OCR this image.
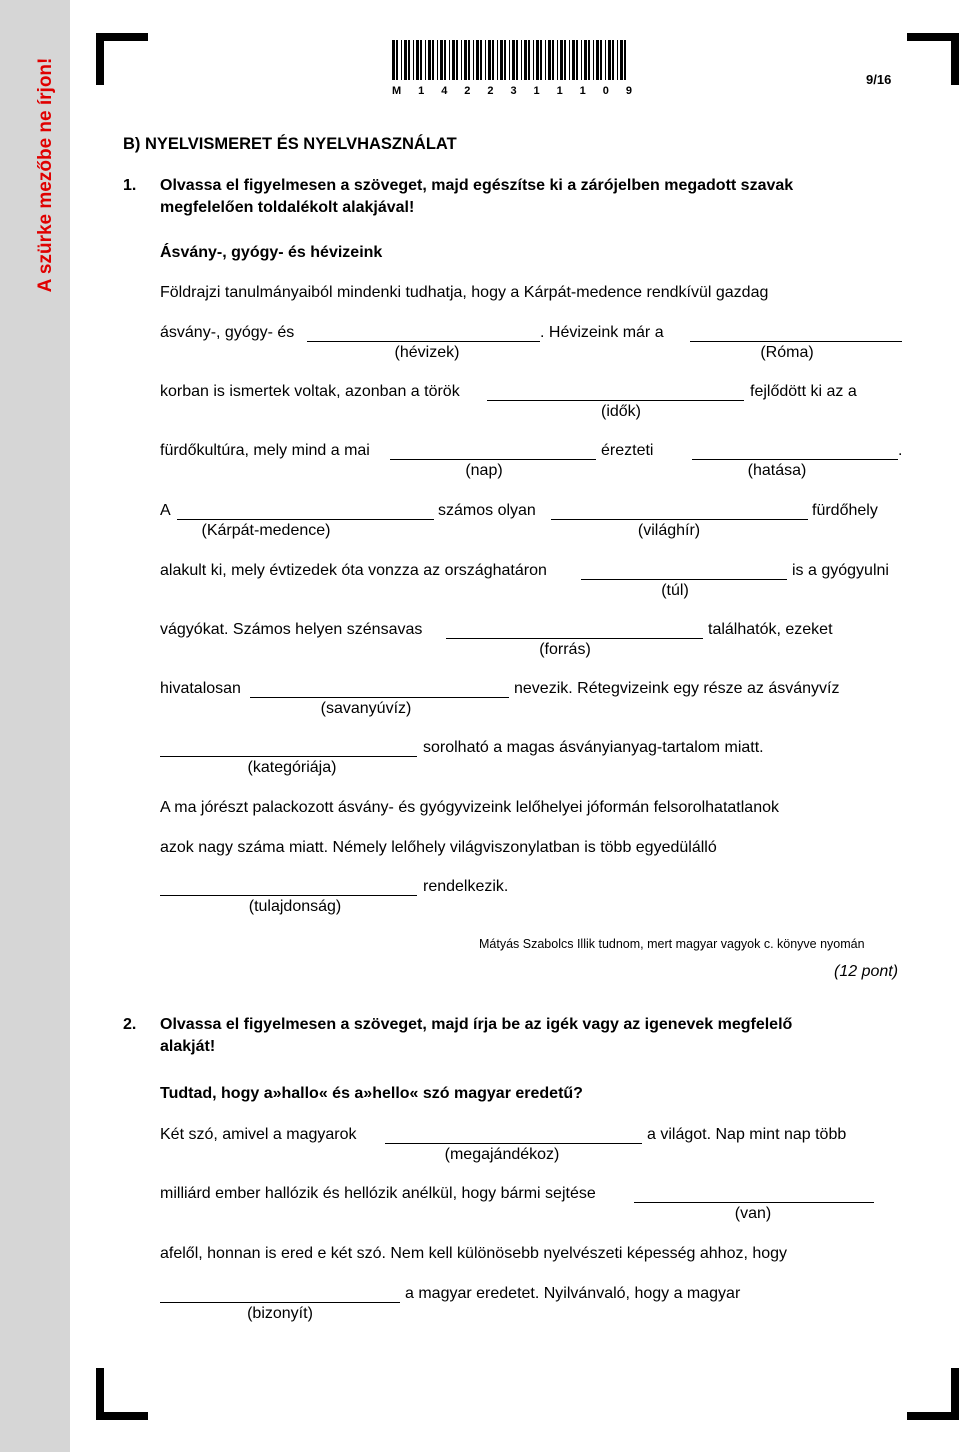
A szürke mezőbe ne írjon!	M 1 4 2 2 3 1 1 1 0 9
9/16
B) NYELVISMERET ÉS NYELVHASZNÁLAT
1. Olvassa el figyelmesen a szöveget, majd egészítse ki a zárójelben megadott szavak
megfelelően toldalékolt alakjával!
Ásvány-, gyógy- és hévizeink
Földrajzi tanulmányaiból mindenki tudhatja, hogy a Kárpát-medence rendkívül gazdag
ásvány-, gyógy- és	. Hévizeink már a
(hévizek)	(Róma)
korban is ismertek voltak, azonban a török	fejlődött ki az a
(idők)
fürdőkultúra, mely mind a mai	érezteti	.
(nap)	(hatása)
A	számos olyan	fürdőhely
(Kárpát-medence)	(világhír)
alakult ki, mely évtizedek óta vonzza az országhatáron	is a gyógyulni
(túl)
vágyókat. Számos helyen szénsavas	találhatók, ezeket
(forrás)
hivatalosan	nevezik. Rétegvizeink egy része az ásványvíz
(savanyúvíz)
sorolható a magas ásványianyag-tartalom miatt.
(kategóriája)
A ma jórészt palackozott ásvány- és gyógyvizeink lelőhelyei jóformán felsorolhatatlanok
azok nagy száma miatt. Némely lelőhely világviszonylatban is több egyedülálló
rendelkezik.
(tulajdonság)
Mátyás Szabolcs Illik tudnom, mert magyar vagyok c. könyve nyomán
(12 pont)
2. Olvassa el figyelmesen a szöveget, majd írja be az igék vagy az igenevek megfelelő
alakját!
Tudtad, hogy a»hallo« és a»hello« szó magyar eredetű?
Két szó, amivel a magyarok	a világot. Nap mint nap több
(megajándékoz)
milliárd ember hallózik és hellózik anélkül, hogy bármi sejtése
(van)
afelől, honnan is ered e két szó. Nem kell különösebb nyelvészeti képesség ahhoz, hogy
a magyar eredetet. Nyilvánvaló, hogy a magyar
(bizonyít)
